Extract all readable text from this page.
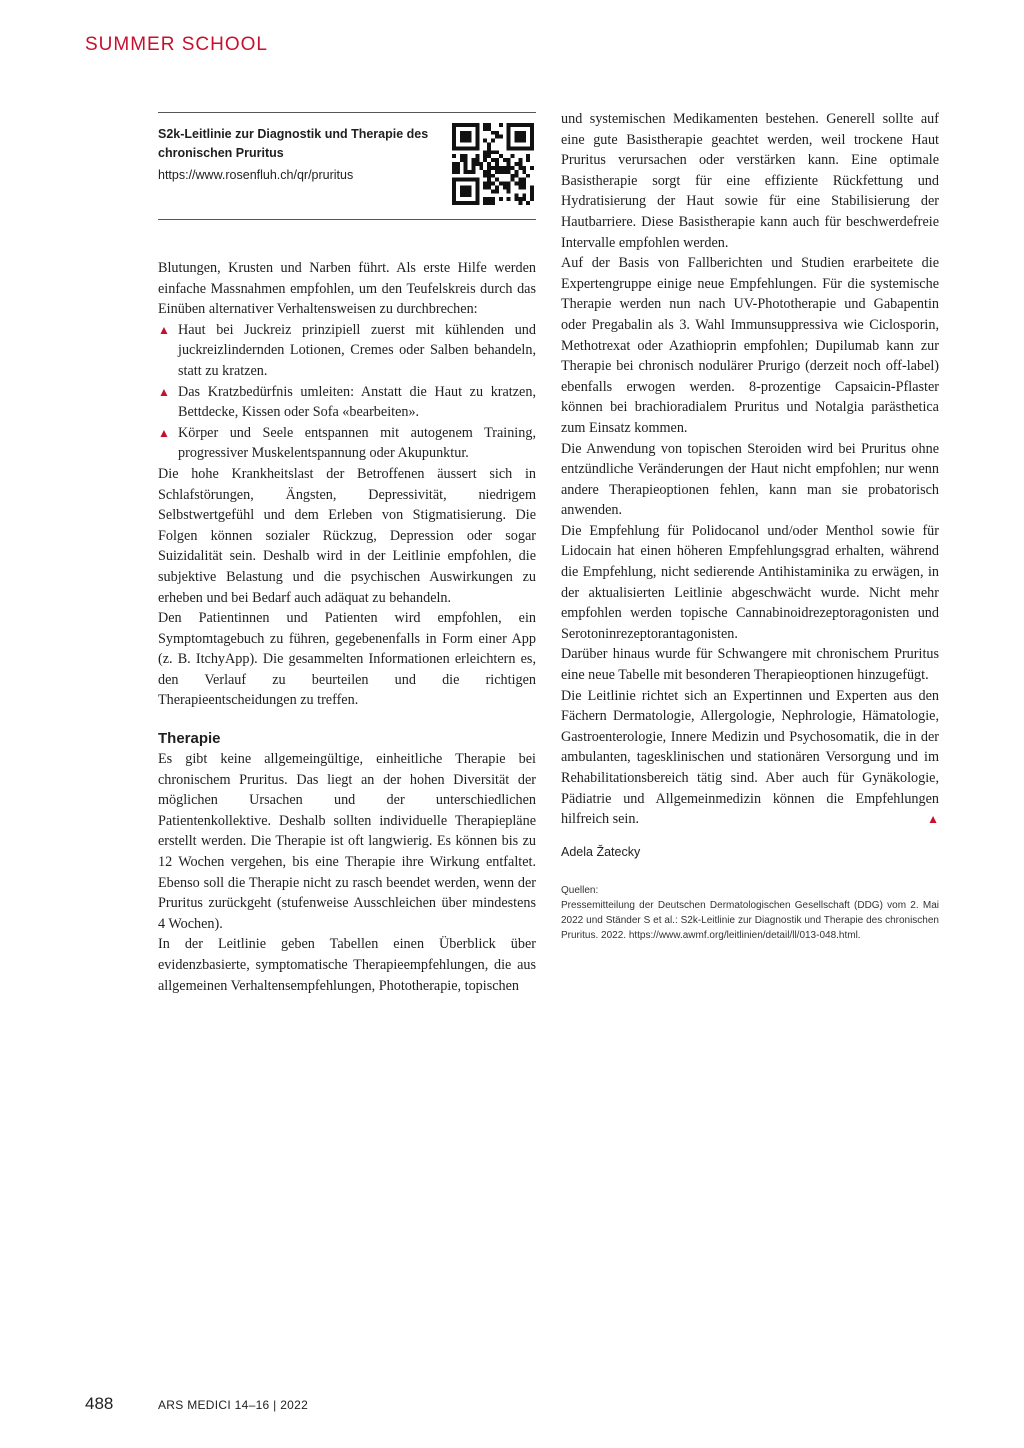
SUMMER SCHOOL
S2k-Leitlinie zur Diagnostik und Therapie des chronischen Pruritus
https://www.rosenfluh.ch/qr/pruritus

Blutungen, Krusten und Narben führt. Als erste Hilfe werden einfache Massnahmen empfohlen, um den Teufelskreis durch das Einüben alternativer Verhaltensweisen zu durchbrechen:

▲ Haut bei Juckreiz prinzipiell zuerst mit kühlenden und juckreizlindernden Lotionen, Cremes oder Salben behandeln, statt zu kratzen.
▲ Das Kratzbedürfnis umleiten: Anstatt die Haut zu kratzen, Bettdecke, Kissen oder Sofa «bearbeiten».
▲ Körper und Seele entspannen mit autogenem Training, progressiver Muskelentspannung oder Akupunktur.

Die hohe Krankheitslast der Betroffenen äussert sich in Schlafstörungen, Ängsten, Depressivität, niedrigem Selbstwertgefühl und dem Erleben von Stigmatisierung. Die Folgen können sozialer Rückzug, Depression oder sogar Suizidalität sein. Deshalb wird in der Leitlinie empfohlen, die subjektive Belastung und die psychischen Auswirkungen zu erheben und bei Bedarf auch adäquat zu behandeln.

Den Patientinnen und Patienten wird empfohlen, ein Symptomtagebuch zu führen, gegebenenfalls in Form einer App (z. B. ItchyApp). Die gesammelten Informationen erleichtern es, den Verlauf zu beurteilen und die richtigen Therapieentscheidungen zu treffen.

Therapie

Es gibt keine allgemeingültige, einheitliche Therapie bei chronischem Pruritus. Das liegt an der hohen Diversität der möglichen Ursachen und der unterschiedlichen Patientenkollektive. Deshalb sollten individuelle Therapiepläne erstellt werden. Die Therapie ist oft langwierig. Es können bis zu 12 Wochen vergehen, bis eine Therapie ihre Wirkung entfaltet. Ebenso soll die Therapie nicht zu rasch beendet werden, wenn der Pruritus zurückgeht (stufenweise Ausschleichen über mindestens 4 Wochen).

In der Leitlinie geben Tabellen einen Überblick über evidenzbasierte, symptomatische Therapieempfehlungen, die aus allgemeinen Verhaltensempfehlungen, Phototherapie, topischen

und systemischen Medikamenten bestehen. Generell sollte auf eine gute Basistherapie geachtet werden, weil trockene Haut Pruritus verursachen oder verstärken kann. Eine optimale Basistherapie sorgt für eine effiziente Rückfettung und Hydratisierung der Haut sowie für eine Stabilisierung der Hautbarriere. Diese Basistherapie kann auch für beschwerdefreie Intervalle empfohlen werden.

Auf der Basis von Fallberichten und Studien erarbeitete die Expertengruppe einige neue Empfehlungen. Für die systemische Therapie werden nun nach UV-Phototherapie und Gabapentin oder Pregabalin als 3. Wahl Immunsuppressiva wie Ciclosporin, Methotrexat oder Azathioprin empfohlen; Dupilumab kann zur Therapie bei chronisch nodulärer Prurigo (derzeit noch off-label) ebenfalls erwogen werden. 8-prozentige Capsaicin-Pflaster können bei brachioradialem Pruritus und Notalgia parästhetica zum Einsatz kommen.

Die Anwendung von topischen Steroiden wird bei Pruritus ohne entzündliche Veränderungen der Haut nicht empfohlen; nur wenn andere Therapieoptionen fehlen, kann man sie probatorisch anwenden.

Die Empfehlung für Polidocanol und/oder Menthol sowie für Lidocain hat einen höheren Empfehlungsgrad erhalten, während die Empfehlung, nicht sedierende Antihistaminika zu erwägen, in der aktualisierten Leitlinie abgeschwächt wurde. Nicht mehr empfohlen werden topische Cannabinoidrezeptoragonisten und Serotoninrezeptorantagonisten.

Darüber hinaus wurde für Schwangere mit chronischem Pruritus eine neue Tabelle mit besonderen Therapieoptionen hinzugefügt.

Die Leitlinie richtet sich an Expertinnen und Experten aus den Fächern Dermatologie, Allergologie, Nephrologie, Hämatologie, Gastroenterologie, Innere Medizin und Psychosomatik, die in der ambulanten, tagesklinischen und stationären Versorgung und im Rehabilitationsbereich tätig sind. Aber auch für Gynäkologie, Pädiatrie und Allgemeinmedizin können die Empfehlungen hilfreich sein.	▲

Adela Žatecky
Quellen:
Pressemitteilung der Deutschen Dermatologischen Gesellschaft (DDG) vom 2. Mai 2022 und Ständer S et al.: S2k-Leitlinie zur Diagnostik und Therapie des chronischen Pruritus. 2022. https://www.awmf.org/leitlinien/detail/ll/013-048.html.
488	ARS MEDICI 14–16 | 2022
